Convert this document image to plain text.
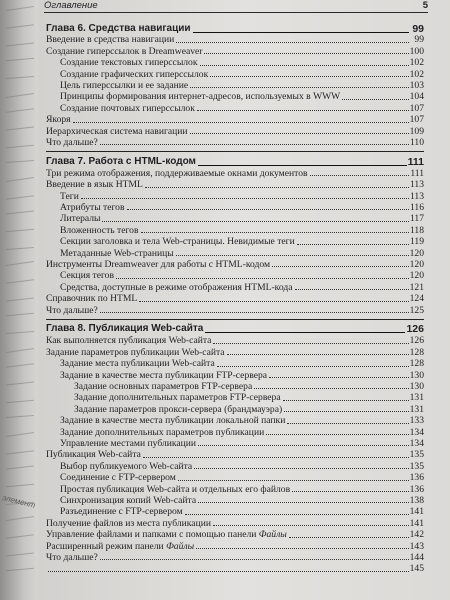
элемент
Оглавление	5
Глава 6. Средства навигации	99
Введение в средства навигации	99
Создание гиперссылок в Dreamweaver	100
Создание текстовых гиперссылок	102
Создание графических гиперссылок	102
Цель гиперссылки и ее задание	103
Принципы формирования интернет-адресов, используемых в WWW	104
Создание почтовых гиперссылок	107
Якоря	107
Иерархическая система навигации	109
Что дальше?	110
Глава 7. Работа с HTML-кодом	111
Три режима отображения, поддерживаемые окнами документов	111
Введение в язык HTML	113
Теги	113
Атрибуты тегов	116
Литералы	117
Вложенность тегов	118
Секции заголовка и тела Web-страницы. Невидимые теги	119
Метаданные Web-страницы	120
Инструменты Dreamweaver для работы с HTML-кодом	120
Секция тегов	120
Средства, доступные в режиме отображения HTML-кода	121
Справочник по HTML	124
Что дальше?	125
Глава 8. Публикация Web-сайта	126
Как выполняется публикация Web-сайта	126
Задание параметров публикации Web-сайта	128
Задание места публикации Web-сайта	128
Задание в качестве места публикации FTP-сервера	130
Задание основных параметров FTP-сервера	130
Задание дополнительных параметров FTP-сервера	131
Задание параметров прокси-сервера (брандмауэра)	131
Задание в качестве места публикации локальной папки	133
Задание дополнительных параметров публикации	134
Управление местами публикации	134
Публикация Web-сайта	135
Выбор публикуемого Web-сайта	135
Соединение с FTP-сервером	136
Простая публикация Web-сайта и отдельных его файлов	136
Синхронизация копий Web-сайта	138
Разъединение с FTP-сервером	141
Получение файлов из места публикации	141
Управление файлами и папками с помощью панели Файлы	142
Расширенный режим панели Файлы	143
Что дальше?	144
145
